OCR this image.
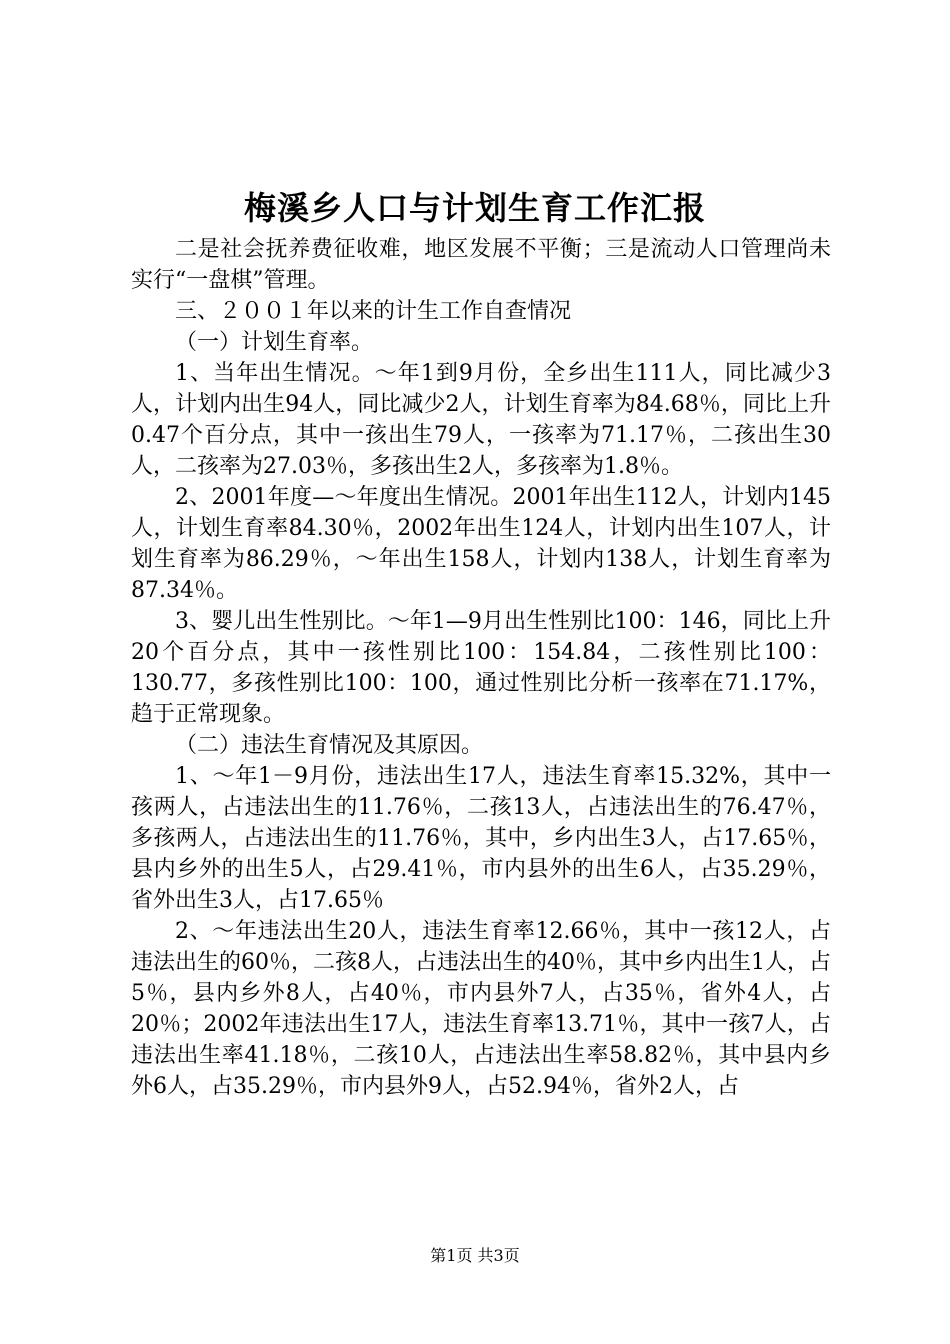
梅溪乡人口与计划生育工作汇报

二是社会抚养费征收难，地区发展不平衡；三是流动人口管理尚未实行“一盘棋”管理。

三、２００１年以来的计生工作自查情况

（一）计划生育率。

1、当年出生情况。～年1到9月份，全乡出生111人，同比减少3人，计划内出生94人，同比减少2人，计划生育率为84.68％，同比上升0.47个百分点，其中一孩出生79人，一孩率为71.17％，二孩出生30人，二孩率为27.03％，多孩出生2人，多孩率为1.8％。

2、2001年度—～年度出生情况。2001年出生112人，计划内145人，计划生育率84.30％，2002年出生124人，计划内出生107人，计划生育率为86.29％，～年出生158人，计划内138人，计划生育率为87.34％。

3、婴儿出生性别比。～年1—9月出生性别比100：146，同比上升20个百分点，其中一孩性别比100：154.84，二孩性别比100：130.77，多孩性别比100：100，通过性别比分析一孩率在71.17%，趋于正常现象。

（二）违法生育情况及其原因。

1、～年1－9月份，违法出生17人，违法生育率15.32%，其中一孩两人，占违法出生的11.76％，二孩13人，占违法出生的76.47％，多孩两人，占违法出生的11.76％，其中，乡内出生3人，占17.65％，县内乡外的出生5人，占29.41％，市内县外的出生6人，占35.29％，省外出生3人，占17.65％

2、～年违法出生20人，违法生育率12.66％，其中一孩12人，占违法出生的60％，二孩8人，占违法出生的40％，其中乡内出生1人，占5％，县内乡外8人，占40％，市内县外7人，占35％，省外4人，占20％；2002年违法出生17人，违法生育率13.71％，其中一孩7人，占违法出生率41.18％，二孩10人，占违法出生率58.82％，其中县内乡外6人，占35.29％，市内县外9人，占52.94％，省外2人，占

第1页 共3页
